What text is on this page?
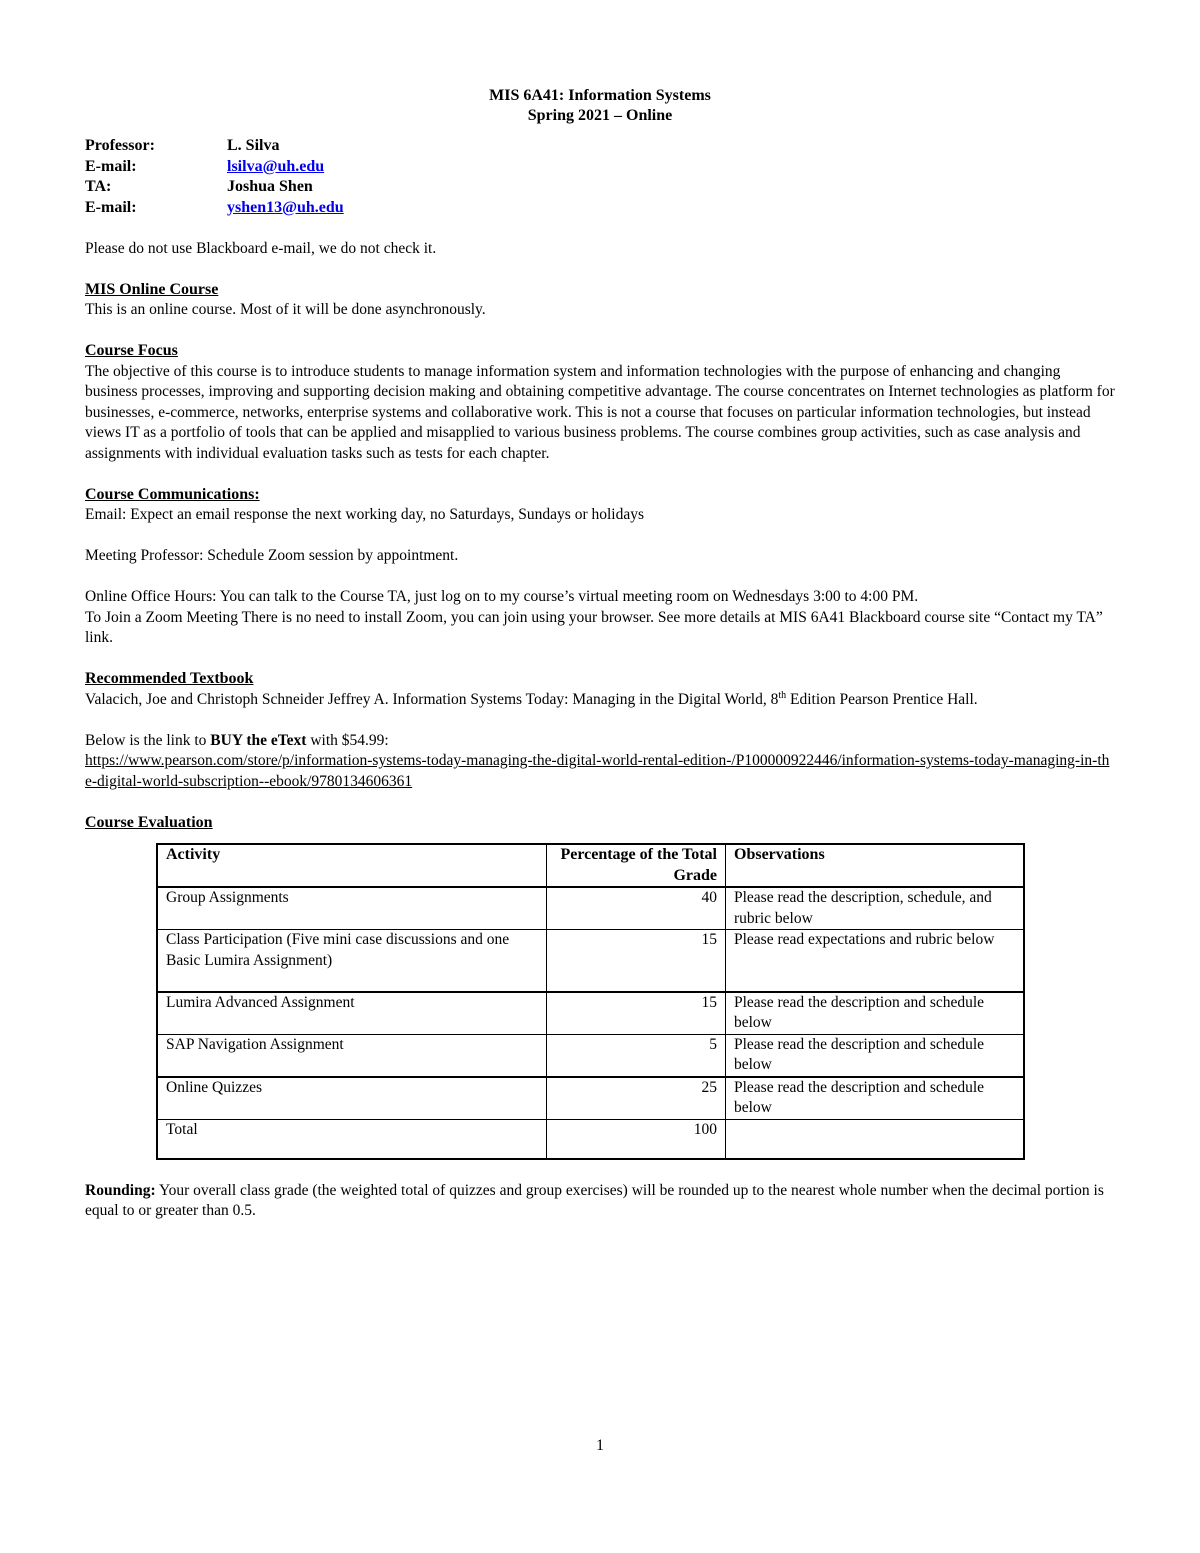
MIS 6A41: Information Systems
Spring 2021 – Online
Professor:	L. Silva
E-mail:	lsilva@uh.edu
TA:	Joshua Shen
E-mail:	yshen13@uh.edu

Please do not use Blackboard e-mail, we do not check it.

MIS Online Course

This is an online course. Most of it will be done asynchronously.

Course Focus

The objective of this course is to introduce students to manage information system and information technologies with the purpose of enhancing and changing business processes, improving and supporting decision making and obtaining competitive advantage. The course concentrates on Internet technologies as platform for businesses, e-commerce, networks, enterprise systems and collaborative work. This is not a course that focuses on particular information technologies, but instead views IT as a portfolio of tools that can be applied and misapplied to various business problems. The course combines group activities, such as case analysis and assignments with individual evaluation tasks such as tests for each chapter.

Course Communications:

Email: Expect an email response the next working day, no Saturdays, Sundays or holidays

Meeting Professor: Schedule Zoom session by appointment.

Online Office Hours: You can talk to the Course TA, just log on to my course’s virtual meeting room on Wednesdays 3:00 to 4:00 PM.

To Join a Zoom Meeting There is no need to install Zoom, you can join using your browser. See more details at MIS 6A41 Blackboard course site “Contact my TA” link.

Recommended Textbook

Valacich, Joe and Christoph Schneider Jeffrey A. Information Systems Today: Managing in the Digital World, 8th Edition Pearson Prentice Hall.

Below is the link to BUY the eText with $54.99:

https://www.pearson.com/store/p/information-systems-today-managing-the-digital-world-rental-edition-/P100000922446/information-systems-today-managing-in-the-digital-world-subscription--ebook/9780134606361

Course Evaluation

Activity	Percentage of the Total Grade	Observations
Group Assignments	40	Please read the description, schedule, and rubric below
Class Participation (Five mini case discussions and one Basic Lumira Assignment)	15	Please read expectations and rubric below
Lumira Advanced Assignment	15	Please read the description and schedule below
SAP Navigation Assignment	5	Please read the description and schedule below
Online Quizzes	25	Please read the description and schedule below
Total	100	

Rounding: Your overall class grade (the weighted total of quizzes and group exercises) will be rounded up to the nearest whole number when the decimal portion is equal to or greater than 0.5.

1
